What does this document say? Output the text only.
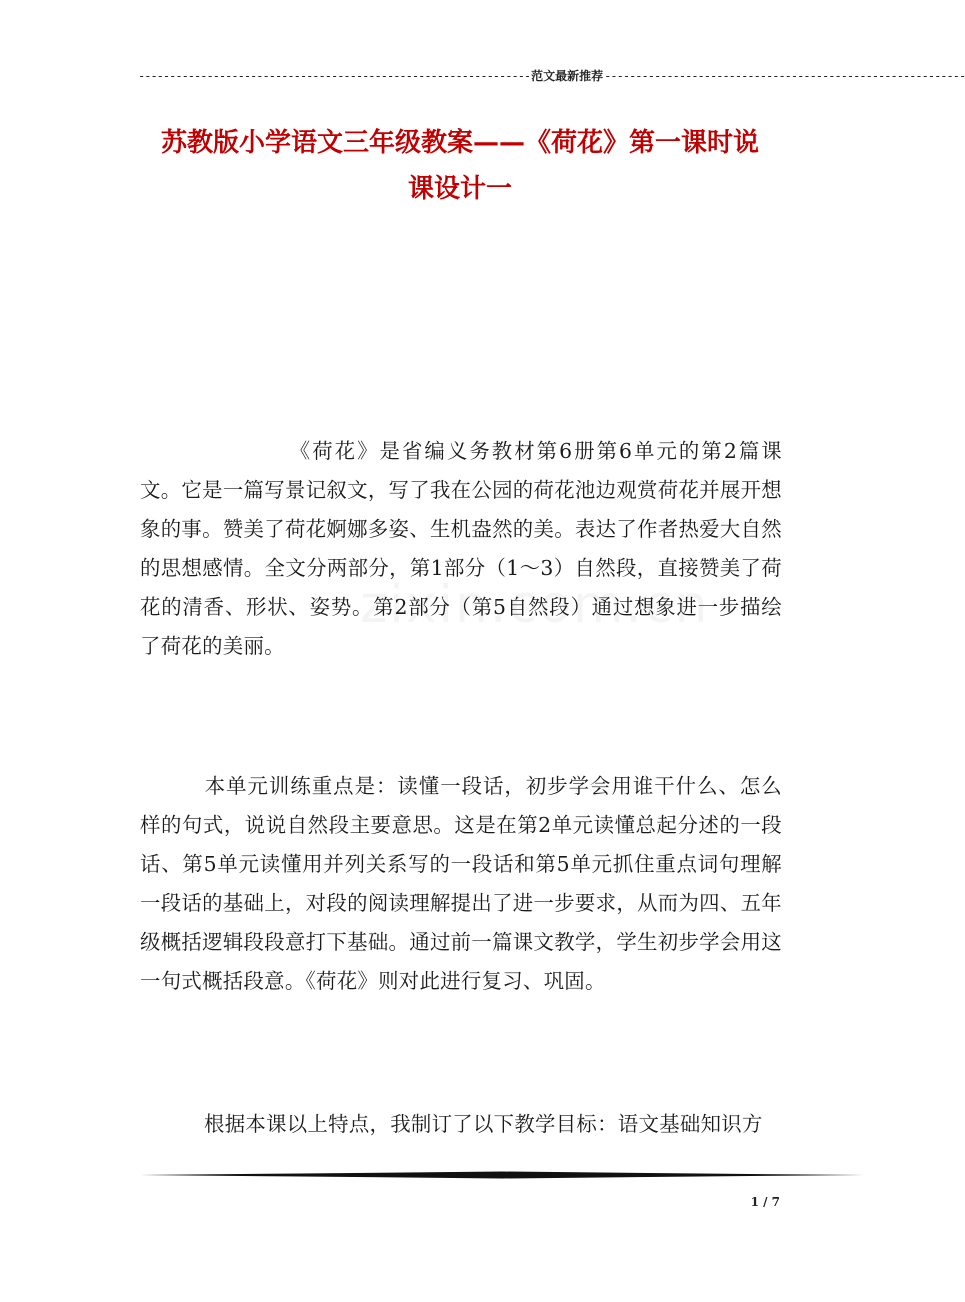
---------------------------------------------------------------范文最新推荐----------------------------------------------------------
苏教版小学语文三年级教案——《荷花》第一课时说
课设计一
《荷花》是省编义务教材第6册第6单元的第2篇课文。它是一篇写景记叙文，写了我在公园的荷花池边观赏荷花并展开想象的事。赞美了荷花婀娜多姿、生机盎然的美。表达了作者热爱大自然的思想感情。全文分两部分，第1部分（1～3）自然段，直接赞美了荷花的清香、形状、姿势。第2部分（第5自然段）通过想象进一步描绘了荷花的美丽。
本单元训练重点是：读懂一段话，初步学会用谁干什么、怎么样的句式，说说自然段主要意思。这是在第2单元读懂总起分述的一段话、第5单元读懂用并列关系写的一段话和第5单元抓住重点词句理解一段话的基础上，对段的阅读理解提出了进一步要求，从而为四、五年级概括逻辑段段意打下基础。通过前一篇课文教学，学生初步学会用这一句式概括段意。《荷花》则对此进行复习、巩固。
根据本课以上特点，我制订了以下教学目标：语文基础知识方
1 / 7
